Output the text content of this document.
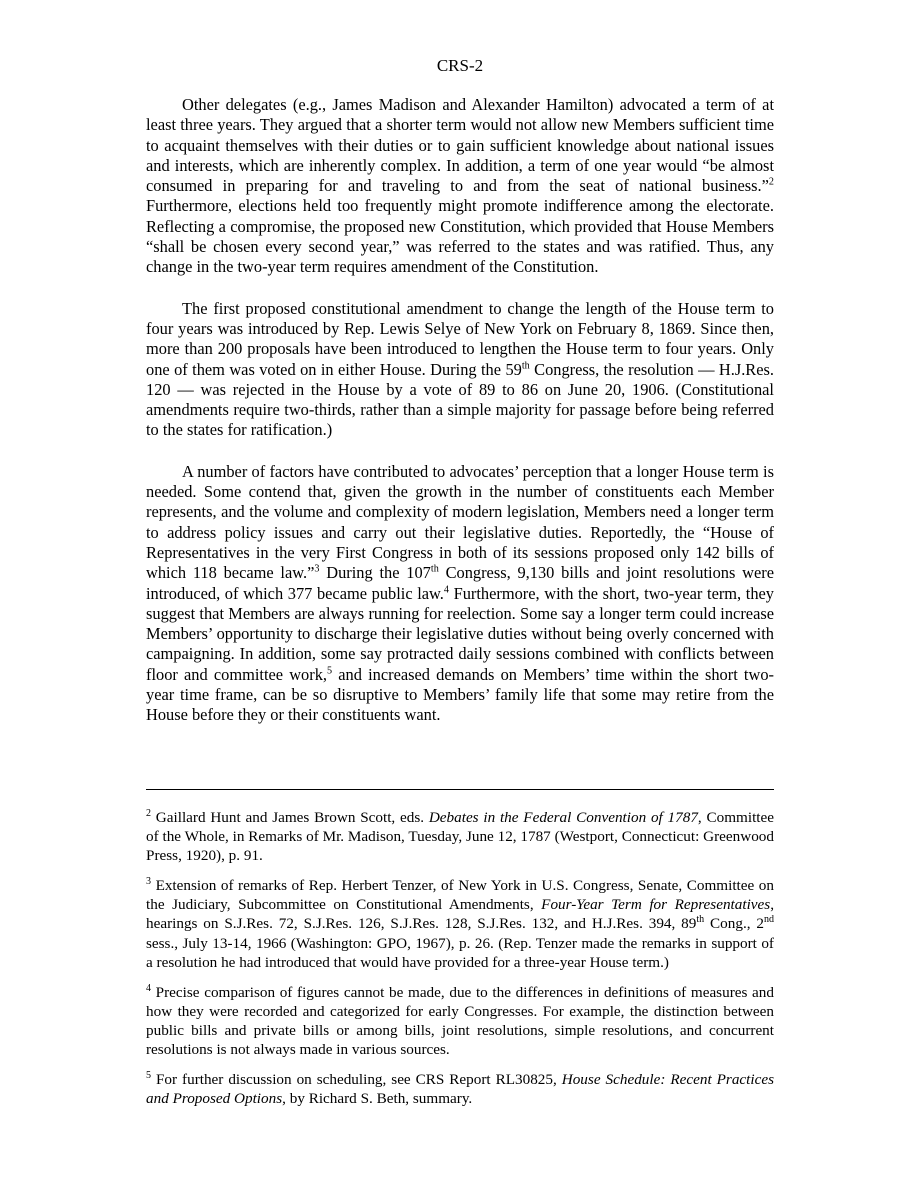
CRS-2

Other delegates (e.g., James Madison and Alexander Hamilton) advocated a term of at least three years. They argued that a shorter term would not allow new Members sufficient time to acquaint themselves with their duties or to gain sufficient knowledge about national issues and interests, which are inherently complex. In addition, a term of one year would “be almost consumed in preparing for and traveling to and from the seat of national business.”$^2$ Furthermore, elections held too frequently might promote indifference among the electorate. Reflecting a compromise, the proposed new Constitution, which provided that House Members “shall be chosen every second year,” was referred to the states and was ratified. Thus, any change in the two-year term requires amendment of the Constitution.

The first proposed constitutional amendment to change the length of the House term to four years was introduced by Rep. Lewis Selye of New York on February 8, 1869. Since then, more than 200 proposals have been introduced to lengthen the House term to four years. Only one of them was voted on in either House. During the 59th Congress, the resolution — H.J.Res. 120 — was rejected in the House by a vote of 89 to 86 on June 20, 1906. (Constitutional amendments require two-thirds, rather than a simple majority for passage before being referred to the states for ratification.)

A number of factors have contributed to advocates’ perception that a longer House term is needed. Some contend that, given the growth in the number of constituents each Member represents, and the volume and complexity of modern legislation, Members need a longer term to address policy issues and carry out their legislative duties. Reportedly, the “House of Representatives in the very First Congress in both of its sessions proposed only 142 bills of which 118 became law.”$^3$ During the 107th Congress, 9,130 bills and joint resolutions were introduced, of which 377 became public law.$^4$ Furthermore, with the short, two-year term, they suggest that Members are always running for reelection. Some say a longer term could increase Members’ opportunity to discharge their legislative duties without being overly concerned with campaigning. In addition, some say protracted daily sessions combined with conflicts between floor and committee work,$^5$ and increased demands on Members’ time within the short two-year time frame, can be so disruptive to Members’ family life that some may retire from the House before they or their constituents want.

$^2$ Gaillard Hunt and James Brown Scott, eds. Debates in the Federal Convention of 1787, Committee of the Whole, in Remarks of Mr. Madison, Tuesday, June 12, 1787 (Westport, Connecticut: Greenwood Press, 1920), p. 91.

$^3$ Extension of remarks of Rep. Herbert Tenzer, of New York in U.S. Congress, Senate, Committee on the Judiciary, Subcommittee on Constitutional Amendments, Four-Year Term for Representatives, hearings on S.J.Res. 72, S.J.Res. 126, S.J.Res. 128, S.J.Res. 132, and H.J.Res. 394, 89th Cong., 2nd sess., July 13-14, 1966 (Washington: GPO, 1967), p. 26. (Rep. Tenzer made the remarks in support of a resolution he had introduced that would have provided for a three-year House term.)

$^4$ Precise comparison of figures cannot be made, due to the differences in definitions of measures and how they were recorded and categorized for early Congresses. For example, the distinction between public bills and private bills or among bills, joint resolutions, simple resolutions, and concurrent resolutions is not always made in various sources.

$^5$ For further discussion on scheduling, see CRS Report RL30825, House Schedule: Recent Practices and Proposed Options, by Richard S. Beth, summary.
